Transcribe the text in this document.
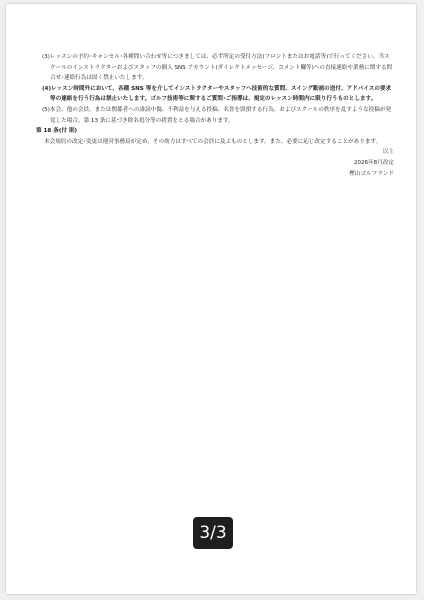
(3)レッスンの予約･キャンセル･各種問い合わせ等につきましては、必ず所定の受付方法(フロントまたはお電話等)で行ってください。当スクールのインストラクターおよびスタッフの個人 SNS アカウント(ダイレクトメッセージ、コメント欄等)への直接連絡や業務に関する問合せ･連絡行為は固く禁止いたします。
(4)レッスン時間外において、各種 SNS 等を介してインストラクターやスタッフへ技術的な質問、スイング動画の送付、アドバイスの要求等の連絡を行う行為は禁止いたします。ゴルフ技術等に関するご質問･ご指導は、規定のレッスン時間内に限り行うものとします。
(5)本会、他の会員、または関係者への誹謗中傷、不利益を与える投稿、名誉を毀損する行為、およびスクールの秩序を乱すような投稿が発覚した場合、第 13 条に基づき除名処分等の措置をとる場合があります。
第 18 条(付 則)
本会規約の改定･変更は運営事務局が定め、その効力はすべての会員に及ぶものとします。また、必要に応じ改定することがあります。
以上
2026年8月改定
樫山ゴルフランド
3/3
